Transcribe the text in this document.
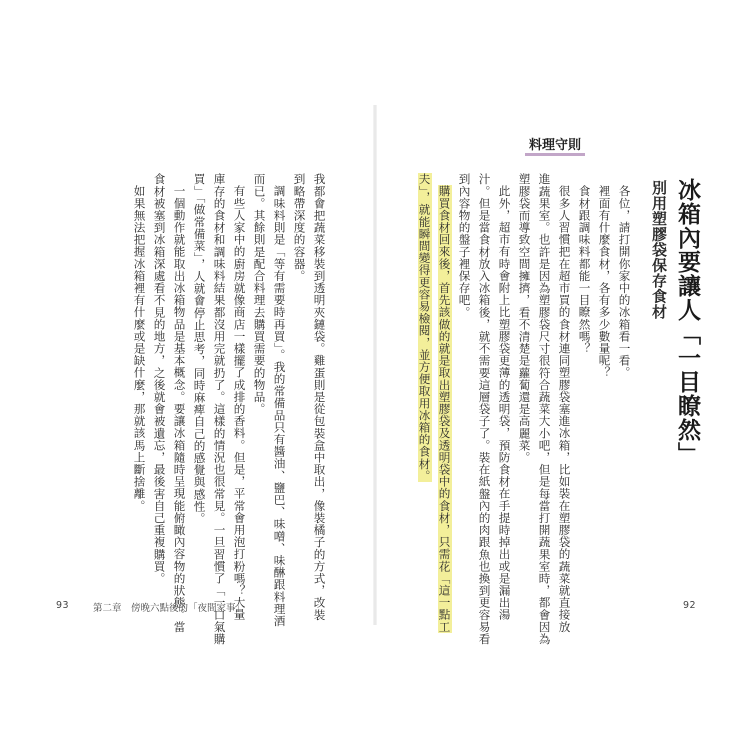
料理守則
冰箱內要讓人「一目瞭然」
別用塑膠袋保存食材
各位，請打開你家中的冰箱看一看。
裡面有什麼食材，各有多少數量呢？
食材跟調味料都能一目瞭然嗎？
很多人習慣把在超市買的食材連同塑膠袋塞進冰箱，比如裝在塑膠袋的蔬菜就直接放
進蔬果室。也許是因為塑膠袋尺寸很符合蔬菜大小吧，但是每當打開蔬果室時，都會因為
塑膠袋而導致空間擁擠，看不清楚是蘿蔔還是高麗菜。
此外，超市有時會附上比塑膠袋更薄的透明袋，預防食材在手提時掉出或是漏出湯
汁。但是當食材放入冰箱後，就不需要這層袋子了。裝在紙盤內的肉跟魚也換到更容易看
到內容物的盤子裡保存吧。
購買食材回來後，首先該做的就是取出塑膠袋及透明袋中的食材，只需花「這一點工
夫」，就能瞬間變得更容易檢閱，並方便取用冰箱的食材。
我都會把蔬菜移裝到透明夾鏈袋。雞蛋則是從包裝盒中取出，像裝橘子的方式，改裝
到略帶深度的容器。
調味料則是「等有需要時再買」。我的常備品只有醬油、鹽巴、味噌、味醂跟料理酒
而已。其餘則是配合料理去購買需要的物品。
有些人家中的廚房就像商店一樣擺了成排的香料。但是，平常會用泡打粉嗎？大量
庫存的食材和調味料結果都沒用完就扔了。這樣的情況也很常見。一旦習慣了「一口氣購
買」「做常備菜」，人就會停止思考，同時麻痺自己的感覺與感性。
一個動作就能取出冰箱物品是基本概念。要讓冰箱隨時呈現能俯瞰內容物的狀態。當
食材被塞到冰箱深處看不見的地方，之後就會被遺忘，最後害自己重複購買。
如果無法把握冰箱裡有什麼或是缺什麼，那就該馬上斷捨離。
93	第二章　傍晚六點後的「夜間家事」	92
